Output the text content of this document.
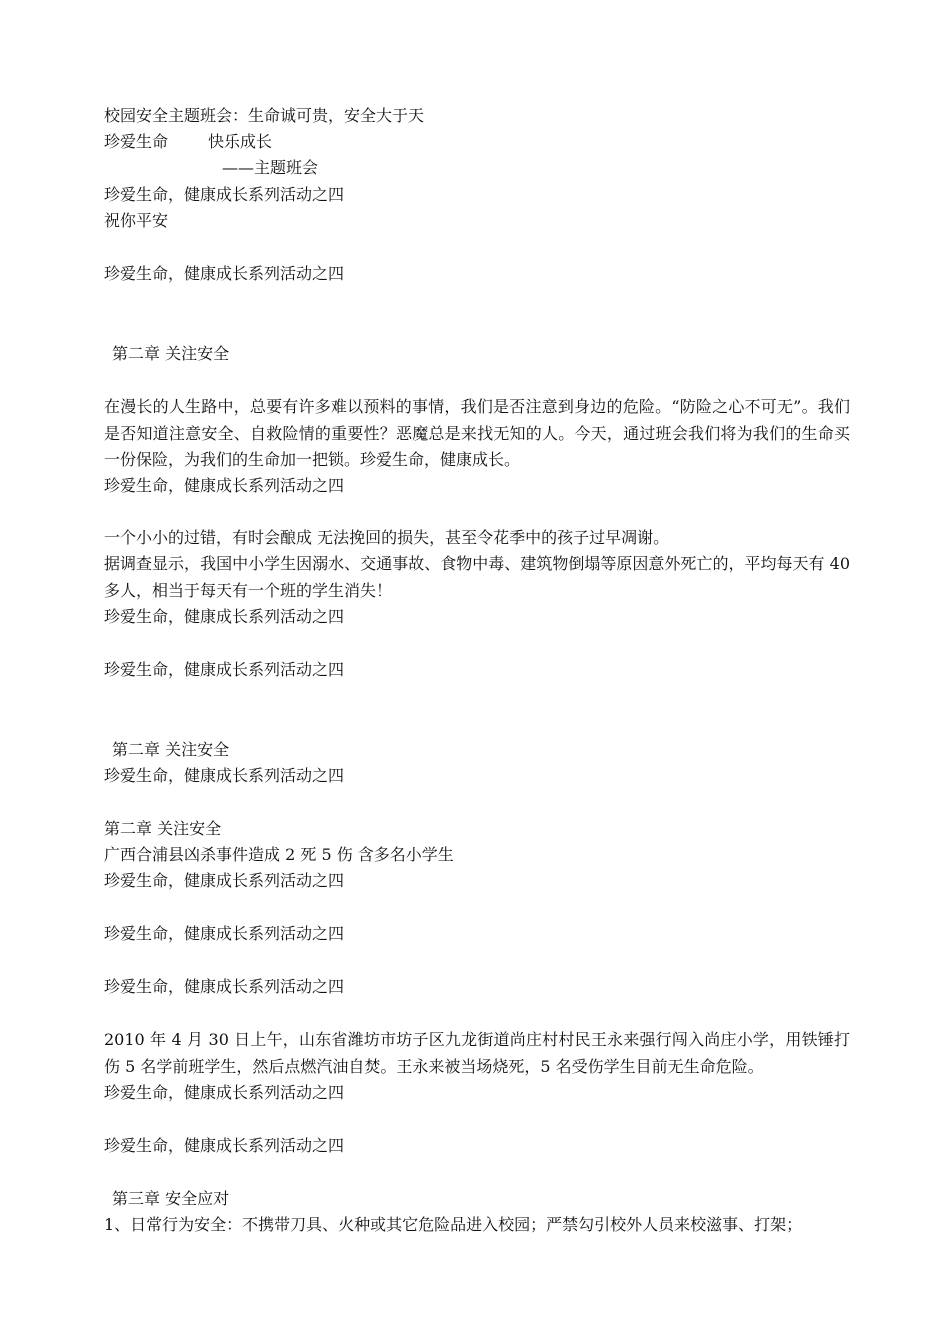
校园安全主题班会：生命诚可贵，安全大于天
珍爱生命	快乐成长
——主题班会
珍爱生命，健康成长系列活动之四
祝你平安
珍爱生命，健康成长系列活动之四
第二章 关注安全
在漫长的人生路中，总要有许多难以预料的事情，我们是否注意到身边的危险。“防险之心不可无”。我们是否知道注意安全、自救险情的重要性？恶魔总是来找无知的人。今天，通过班会我们将为我们的生命买一份保险，为我们的生命加一把锁。珍爱生命，健康成长。
珍爱生命，健康成长系列活动之四
一个小小的过错，有时会酿成 无法挽回的损失，甚至令花季中的孩子过早凋谢。
据调查显示，我国中小学生因溺水、交通事故、食物中毒、建筑物倒塌等原因意外死亡的，平均每天有 40 多人，相当于每天有一个班的学生消失！
珍爱生命，健康成长系列活动之四
珍爱生命，健康成长系列活动之四
第二章 关注安全
珍爱生命，健康成长系列活动之四
第二章 关注安全
广西合浦县凶杀事件造成 2 死 5 伤 含多名小学生
珍爱生命，健康成长系列活动之四
珍爱生命，健康成长系列活动之四
珍爱生命，健康成长系列活动之四
2010 年 4 月 30 日上午，山东省潍坊市坊子区九龙街道尚庄村村民王永来强行闯入尚庄小学，用铁锤打伤 5 名学前班学生，然后点燃汽油自焚。王永来被当场烧死，5 名受伤学生目前无生命危险。
珍爱生命，健康成长系列活动之四
珍爱生命，健康成长系列活动之四
第三章 安全应对
1、日常行为安全：不携带刀具、火种或其它危险品进入校园；严禁勾引校外人员来校滋事、打架；
